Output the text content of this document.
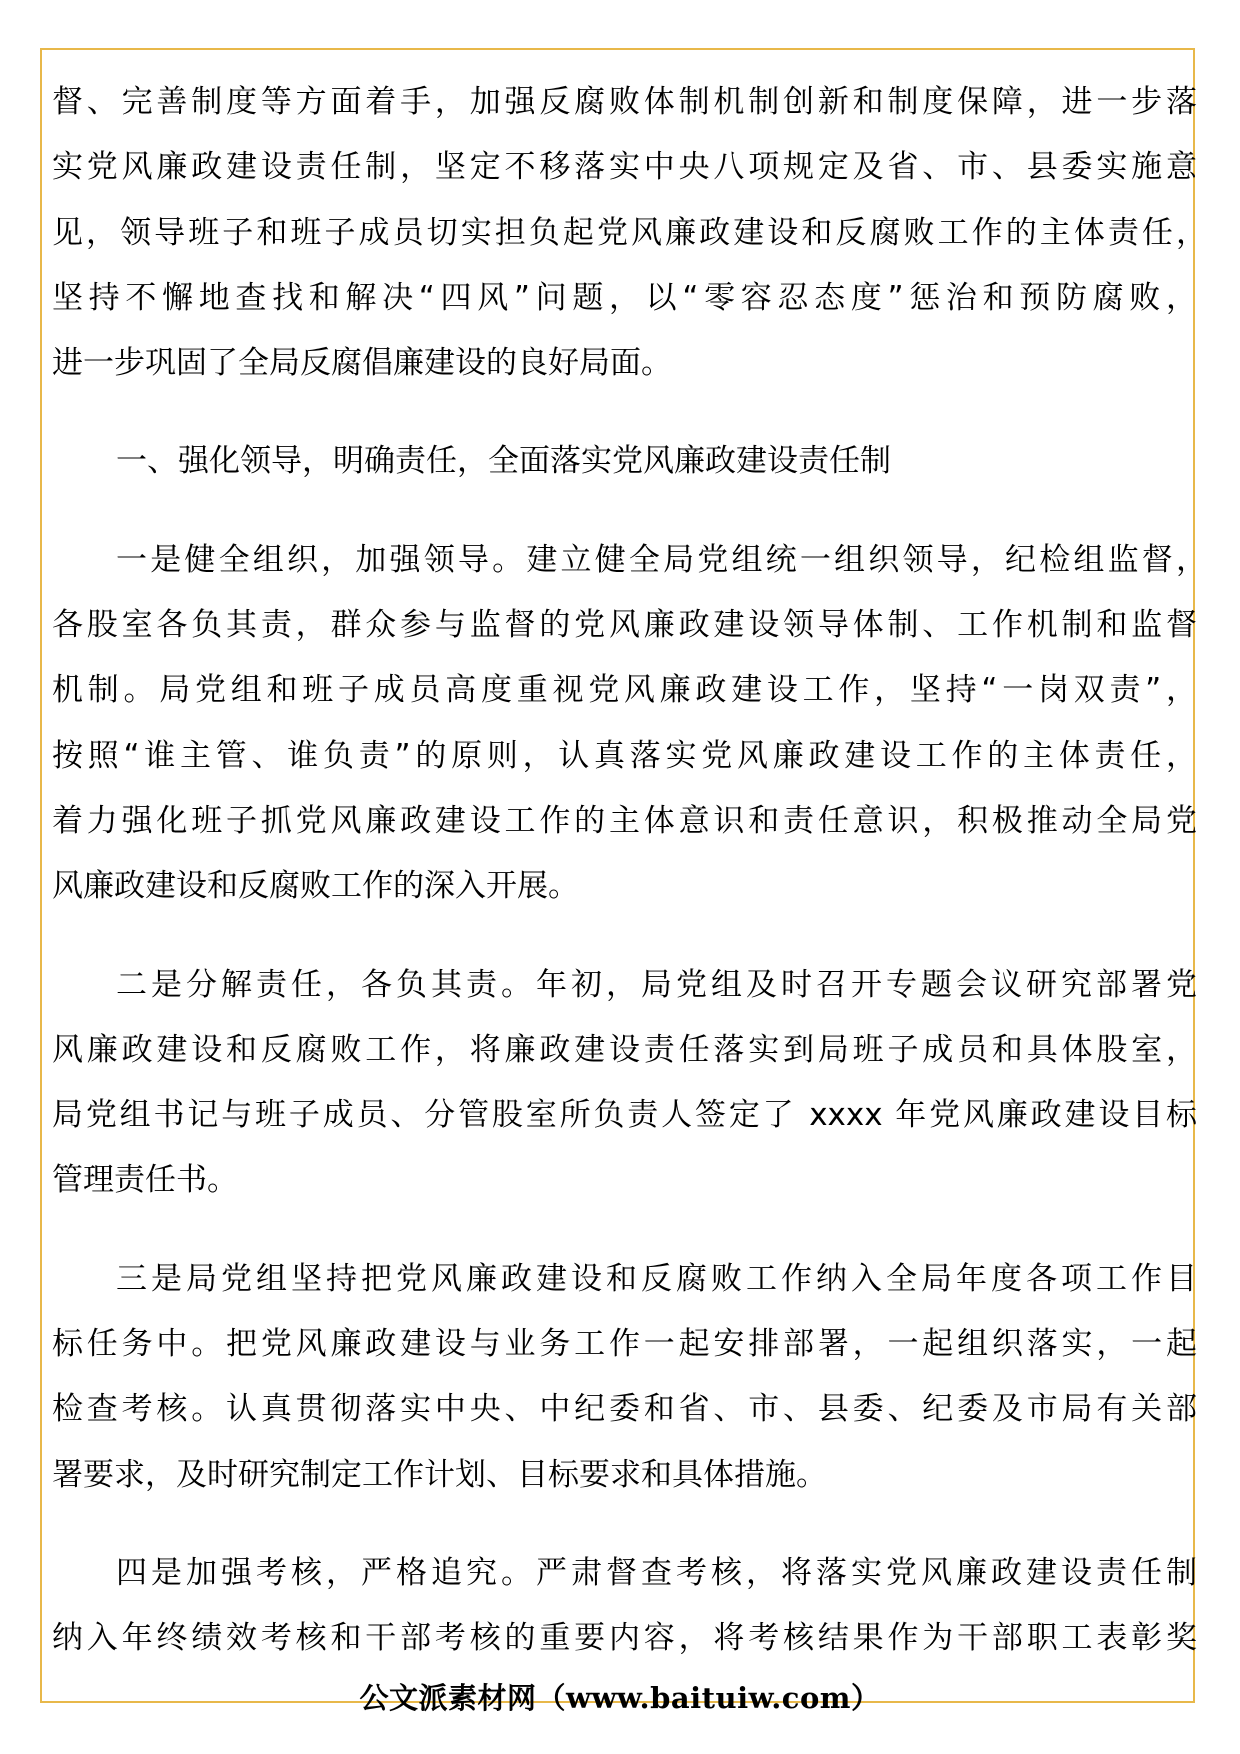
督、完善制度等方面着手，加强反腐败体制机制创新和制度保障，进一步落
实党风廉政建设责任制，坚定不移落实中央八项规定及省、市、县委实施意
见，领导班子和班子成员切实担负起党风廉政建设和反腐败工作的主体责任，
坚持不懈地查找和解决“四风”问题，以“零容忍态度”惩治和预防腐败，
进一步巩固了全局反腐倡廉建设的良好局面。

一、强化领导，明确责任，全面落实党风廉政建设责任制

一是健全组织，加强领导。建立健全局党组统一组织领导，纪检组监督，
各股室各负其责，群众参与监督的党风廉政建设领导体制、工作机制和监督
机制。局党组和班子成员高度重视党风廉政建设工作，坚持“一岗双责”，
按照“谁主管、谁负责”的原则，认真落实党风廉政建设工作的主体责任，
着力强化班子抓党风廉政建设工作的主体意识和责任意识，积极推动全局党
风廉政建设和反腐败工作的深入开展。

二是分解责任，各负其责。年初，局党组及时召开专题会议研究部署党
风廉政建设和反腐败工作，将廉政建设责任落实到局班子成员和具体股室，
局党组书记与班子成员、分管股室所负责人签定了 xxxx 年党风廉政建设目标
管理责任书。

三是局党组坚持把党风廉政建设和反腐败工作纳入全局年度各项工作目
标任务中。把党风廉政建设与业务工作一起安排部署，一起组织落实，一起
检查考核。认真贯彻落实中央、中纪委和省、市、县委、纪委及市局有关部
署要求，及时研究制定工作计划、目标要求和具体措施。

四是加强考核，严格追究。严肃督查考核，将落实党风廉政建设责任制
纳入年终绩效考核和干部考核的重要内容，将考核结果作为干部职工表彰奖

公文派素材网（www.baituiw.com）
